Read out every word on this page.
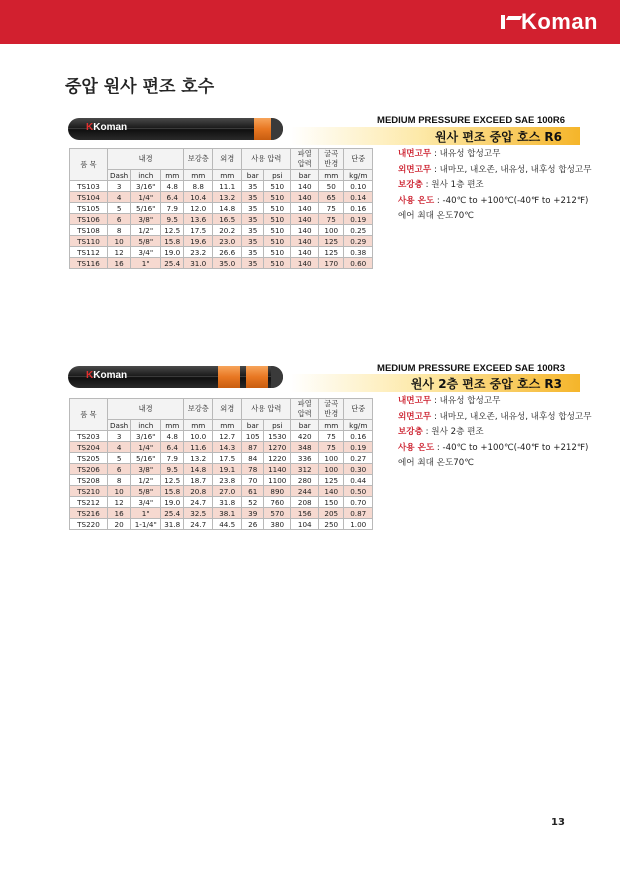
Koman
중압 원사 편조 호수
KKoman
MEDIUM PRESSURE EXCEED SAE 100R6
원사 편조 중압 호스 R6
품 목	내경			보강층	외경	사용 압력		파열 압력	굴곡 반경	단중
	Dash	inch	mm	mm	mm	bar	psi	bar	mm	kg/m
TS103	3	3/16"	4.8	8.8	11.1	35	510	140	50	0.10
TS104	4	1/4"	6.4	10.4	13.2	35	510	140	65	0.14
TS105	5	5/16"	7.9	12.0	14.8	35	510	140	75	0.16
TS106	6	3/8"	9.5	13.6	16.5	35	510	140	75	0.19
TS108	8	1/2"	12.5	17.5	20.2	35	510	140	100	0.25
TS110	10	5/8"	15.8	19.6	23.0	35	510	140	125	0.29
TS112	12	3/4"	19.0	23.2	26.6	35	510	140	125	0.38
TS116	16	1"	25.4	31.0	35.0	35	510	140	170	0.60
내면고무 : 내유성 합성고무
외면고무 : 내마모, 내오존, 내유성, 내후성 합성고무
보강층 : 원사 1층 편조
사용 온도 : -40℃ to +100℃(-40℉ to +212℉)
에어 최대 온도70℃
KKoman
MEDIUM PRESSURE EXCEED SAE 100R3
원사 2층 편조 중압 호스 R3
품 목	내경			보강층	외경	사용 압력		파열 압력	굴곡 반경	단중
	Dash	inch	mm	mm	mm	bar	psi	bar	mm	kg/m
TS203	3	3/16"	4.8	10.0	12.7	105	1530	420	75	0.16
TS204	4	1/4"	6.4	11.6	14.3	87	1270	348	75	0.19
TS205	5	5/16"	7.9	13.2	17.5	84	1220	336	100	0.27
TS206	6	3/8"	9.5	14.8	19.1	78	1140	312	100	0.30
TS208	8	1/2"	12.5	18.7	23.8	70	1100	280	125	0.44
TS210	10	5/8"	15.8	20.8	27.0	61	890	244	140	0.50
TS212	12	3/4"	19.0	24.7	31.8	52	760	208	150	0.70
TS216	16	1"	25.4	32.5	38.1	39	570	156	205	0.87
TS220	20	1-1/4"	31.8	24.7	44.5	26	380	104	250	1.00
내면고무 : 내유성 합성고무
외면고무 : 내마모, 내오존, 내유성, 내후성 합성고무
보강층 : 원사 2층 편조
사용 온도 : -40℃ to +100℃(-40℉ to +212℉)
에어 최대 온도70℃
13
